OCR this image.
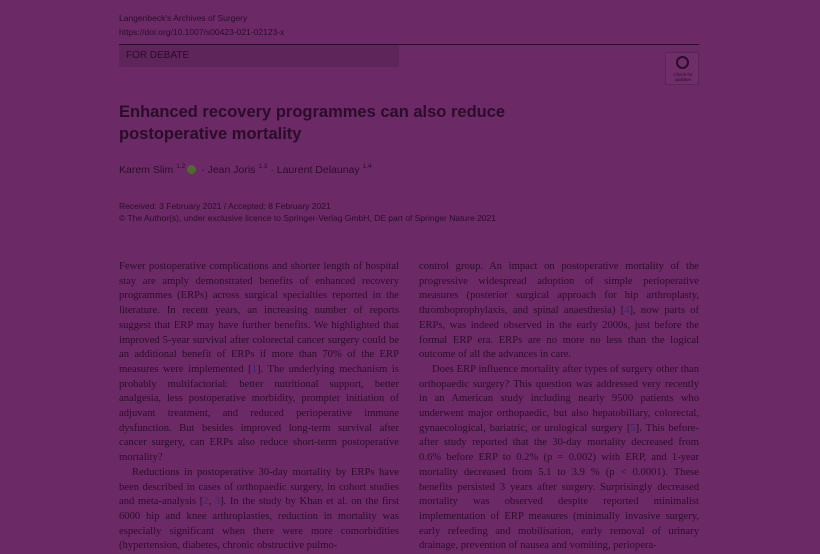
Langenbeck's Archives of Surgery
https://doi.org/10.1007/s00423-021-02123-x
FOR DEBATE
Check for
updates
Enhanced recovery programmes can also reduce postoperative mortality
Karem Slim $^{1,2}$ · Jean Joris $^{1,3}$ · Laurent Delaunay $^{1,4}$
Received: 3 February 2021 / Accepted: 8 February 2021
© The Author(s), under exclusive licence to Springer-Verlag GmbH, DE part of Springer Nature 2021

Fewer postoperative complications and shorter length of hospital stay are amply demonstrated benefits of enhanced recovery programmes (ERPs) across surgical specialties reported in the literature. In recent years, an increasing number of reports suggest that ERP may have further benefits. We highlighted that improved 5-year survival after colorectal cancer surgery could be an additional benefit of ERPs if more than 70% of the ERP measures were implemented [1]. The underlying mechanism is probably multifactorial: better nutritional support, better analgesia, less postoperative morbidity, prompter initiation of adjuvant treatment, and reduced perioperative immune dysfunction. But besides improved long-term survival after cancer surgery, can ERPs also reduce short-term postoperative mortality?

Reductions in postoperative 30-day mortality by ERPs have been described in cases of orthopaedic surgery, in cohort studies and meta-analysis [2, 3]. In the study by Khan et al. on the first 6000 hip and knee arthroplasties, reduction in mortality was especially significant when there were more comorbidities (hypertension, diabetes, chronic obstructive pulmo-

control group. An impact on postoperative mortality of the progressive widespread adoption of simple perioperative measures (posterior surgical approach for hip arthroplasty, thromboprophylaxis, and spinal anaesthesia) [4], now parts of ERPs, was indeed observed in the early 2000s, just before the formal ERP era. ERPs are no more no less than the logical outcome of all the advances in care.

Does ERP influence mortality after types of surgery other than orthopaedic surgery? This question was addressed very recently in an American study including nearly 9500 patients who underwent major orthopaedic, but also hepatobiliary, colorectal, gynaecological, bariatric, or urological surgery [5]. This before-after study reported that the 30-day mortality decreased from 0.6% before ERP to 0.2% (p = 0.002) with ERP, and 1-year mortality decreased from 5.1 to 3.9 % (p < 0.0001). These benefits persisted 3 years after surgery. Surprisingly decreased mortality was observed despite reported minimalist implementation of ERP measures (minimally invasive surgery, early refeeding and mobilisation, early removal of urinary drainage, prevention of nausea and vomiting, periopera-
